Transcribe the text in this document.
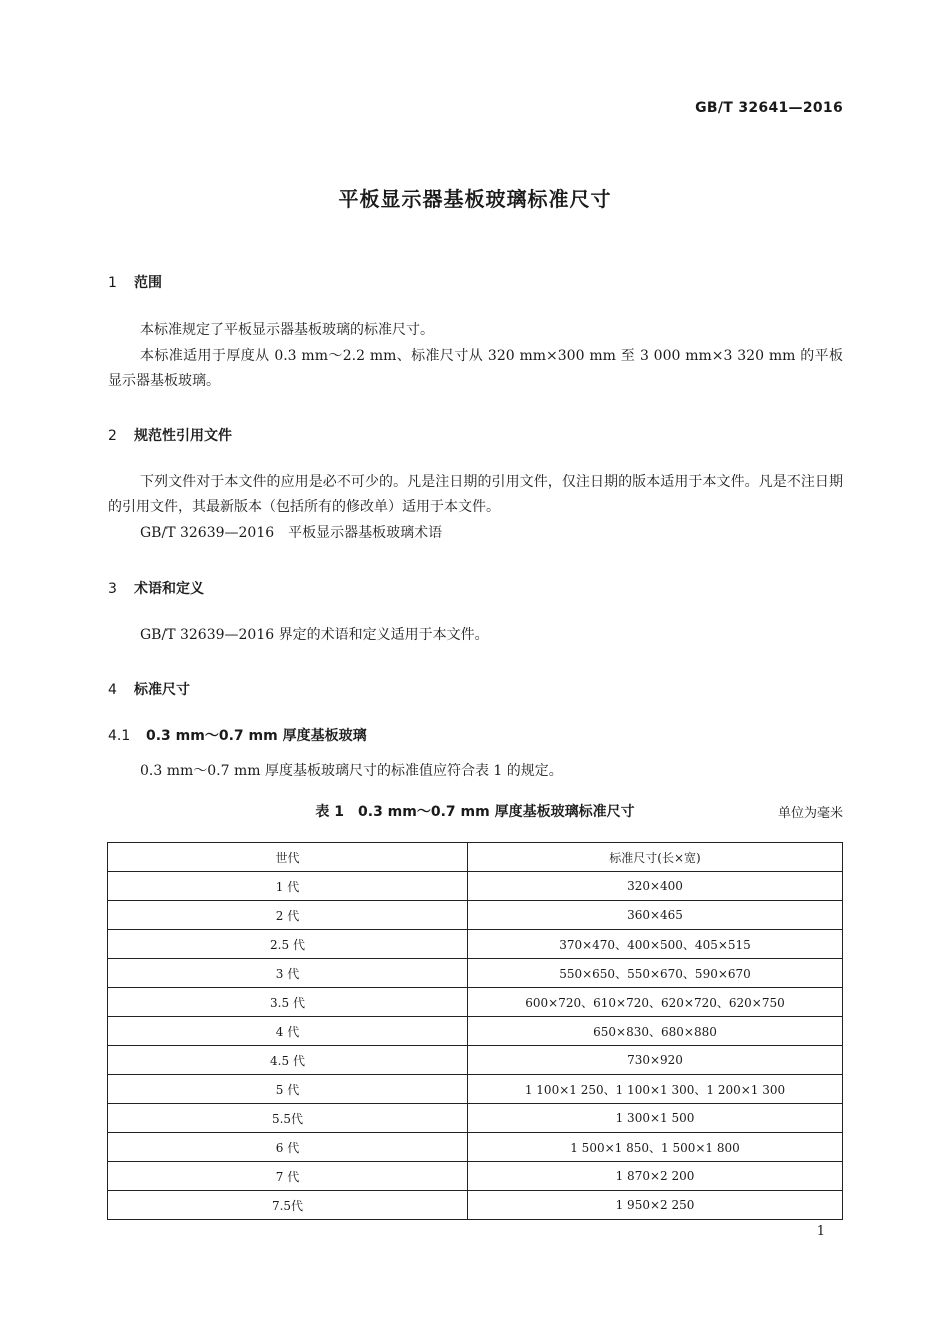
GB/T 32641—2016
平板显示器基板玻璃标准尺寸
1 范围
本标准规定了平板显示器基板玻璃的标准尺寸。
本标准适用于厚度从 0.3 mm～2.2 mm、标准尺寸从 320 mm×300 mm 至 3 000 mm×3 320 mm 的平板显示器基板玻璃。
2 规范性引用文件
下列文件对于本文件的应用是必不可少的。凡是注日期的引用文件，仅注日期的版本适用于本文件。凡是不注日期的引用文件，其最新版本（包括所有的修改单）适用于本文件。
GB/T 32639—2016　平板显示器基板玻璃术语
3 术语和定义
GB/T 32639—2016 界定的术语和定义适用于本文件。
4 标准尺寸
4.1 0.3 mm～0.7 mm 厚度基板玻璃
0.3 mm～0.7 mm 厚度基板玻璃尺寸的标准值应符合表 1 的规定。
表 1　0.3 mm～0.7 mm 厚度基板玻璃标准尺寸	单位为毫米
世代	标准尺寸(长×宽)
1 代	320×400
2 代	360×465
2.5 代	370×470、400×500、405×515
3 代	550×650、550×670、590×670
3.5 代	600×720、610×720、620×720、620×750
4 代	650×830、680×880
4.5 代	730×920
5 代	1 100×1 250、1 100×1 300、1 200×1 300
5.5代	1 300×1 500
6 代	1 500×1 850、1 500×1 800
7 代	1 870×2 200
7.5代	1 950×2 250
1
